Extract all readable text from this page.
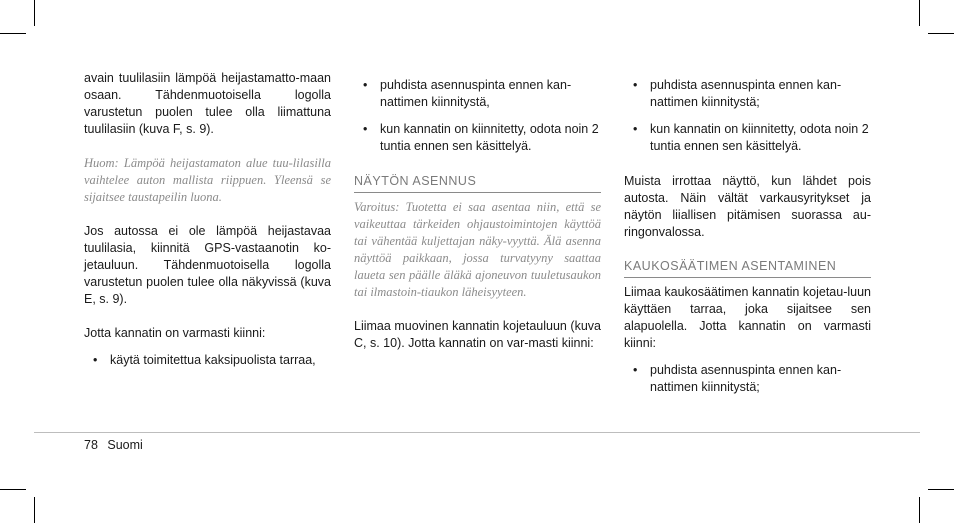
avain tuulilasiin lämpöä heijastamatto-maan osaan. Tähdenmuotoisella logolla varustetun puolen tulee olla liimattuna tuulilasiin (kuva F, s. 9).

Huom: Lämpöä heijastamaton alue tuu-lilasilla vaihtelee auton mallista riippuen. Yleensä se sijaitsee taustapeilin luona.

Jos autossa ei ole lämpöä heijastavaa tuulilasia, kiinnitä GPS-vastaanotin ko-jetauluun. Tähdenmuotoisella logolla varustetun puolen tulee olla näkyvissä (kuva E, s. 9).

Jotta kannatin on varmasti kiinni:

• käytä toimitettua kaksipuolista tarraa,
• puhdista asennuspinta ennen kan-nattimen kiinnitystä,
• kun kannatin on kiinnitetty, odota noin 2 tuntia ennen sen käsittelyä.
NÄYTÖN ASENNUS

Varoitus: Tuotetta ei saa asentaa niin, että se vaikeuttaa tärkeiden ohjaustoimintojen käyttöä tai vähentää kuljettajan näky-vyyttä. Älä asenna näyttöä paikkaan, jossa turvatyyny saattaa laueta sen päälle äläkä ajoneuvon tuuletusaukon tai ilmastoin-tiaukon läheisyyteen.

Liimaa muovinen kannatin kojetauluun (kuva C, s. 10). Jotta kannatin on var-masti kiinni:

• puhdista asennuspinta ennen kan-nattimen kiinnitystä;
• kun kannatin on kiinnitetty, odota noin 2 tuntia ennen sen käsittelyä.

Muista irrottaa näyttö, kun lähdet pois autosta. Näin vältät varkausyritykset ja näytön liiallisen pitämisen suorassa au-ringonvalossa.

KAUKOSÄÄTIMEN ASENTAMINEN

Liimaa kaukosäätimen kannatin kojetau-luun käyttäen tarraa, joka sijaitsee sen alapuolella. Jotta kannatin on varmasti kiinni:

• puhdista asennuspinta ennen kan-nattimen kiinnitystä;
78 Suomi
